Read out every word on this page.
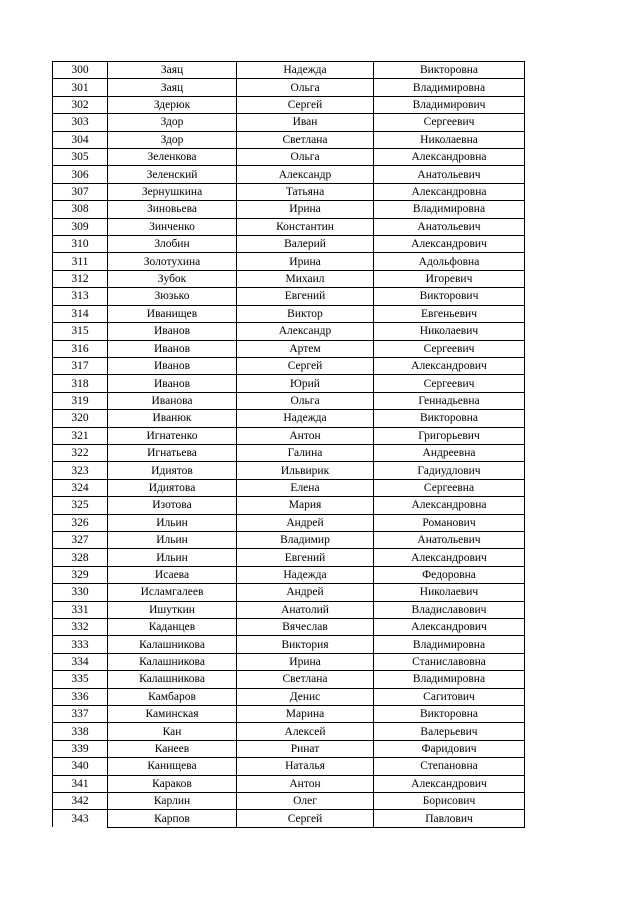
300	Заяц	Надежда	Викторовна
301	Заяц	Ольга	Владимировна
302	Здерюк	Сергей	Владимирович
303	Здор	Иван	Сергеевич
304	Здор	Светлана	Николаевна
305	Зеленкова	Ольга	Александровна
306	Зеленский	Александр	Анатольевич
307	Зернушкина	Татьяна	Александровна
308	Зиновьева	Ирина	Владимировна
309	Зинченко	Константин	Анатольевич
310	Злобин	Валерий	Александрович
311	Золотухина	Ирина	Адольфовна
312	Зубок	Михаил	Игоревич
313	Зюзько	Евгений	Викторович
314	Иванищев	Виктор	Евгеньевич
315	Иванов	Александр	Николаевич
316	Иванов	Артем	Сергеевич
317	Иванов	Сергей	Александрович
318	Иванов	Юрий	Сергеевич
319	Иванова	Ольга	Геннадьевна
320	Иванюк	Надежда	Викторовна
321	Игнатенко	Антон	Григорьевич
322	Игнатьева	Галина	Андреевна
323	Идиятов	Ильвирик	Гадиудлович
324	Идиятова	Елена	Сергеевна
325	Изотова	Мария	Александровна
326	Ильин	Андрей	Романович
327	Ильин	Владимир	Анатольевич
328	Ильин	Евгений	Александрович
329	Исаева	Надежда	Федоровна
330	Исламгалеев	Андрей	Николаевич
331	Ишуткин	Анатолий	Владиславович
332	Каданцев	Вячеслав	Александрович
333	Калашникова	Виктория	Владимировна
334	Калашникова	Ирина	Станиславовна
335	Калашникова	Светлана	Владимировна
336	Камбаров	Денис	Сагитович
337	Каминская	Марина	Викторовна
338	Кан	Алексей	Валерьевич
339	Канеев	Ринат	Фаридович
340	Канищева	Наталья	Степановна
341	Караков	Антон	Александрович
342	Карлин	Олег	Борисович
343	Карпов	Сергей	Павлович
